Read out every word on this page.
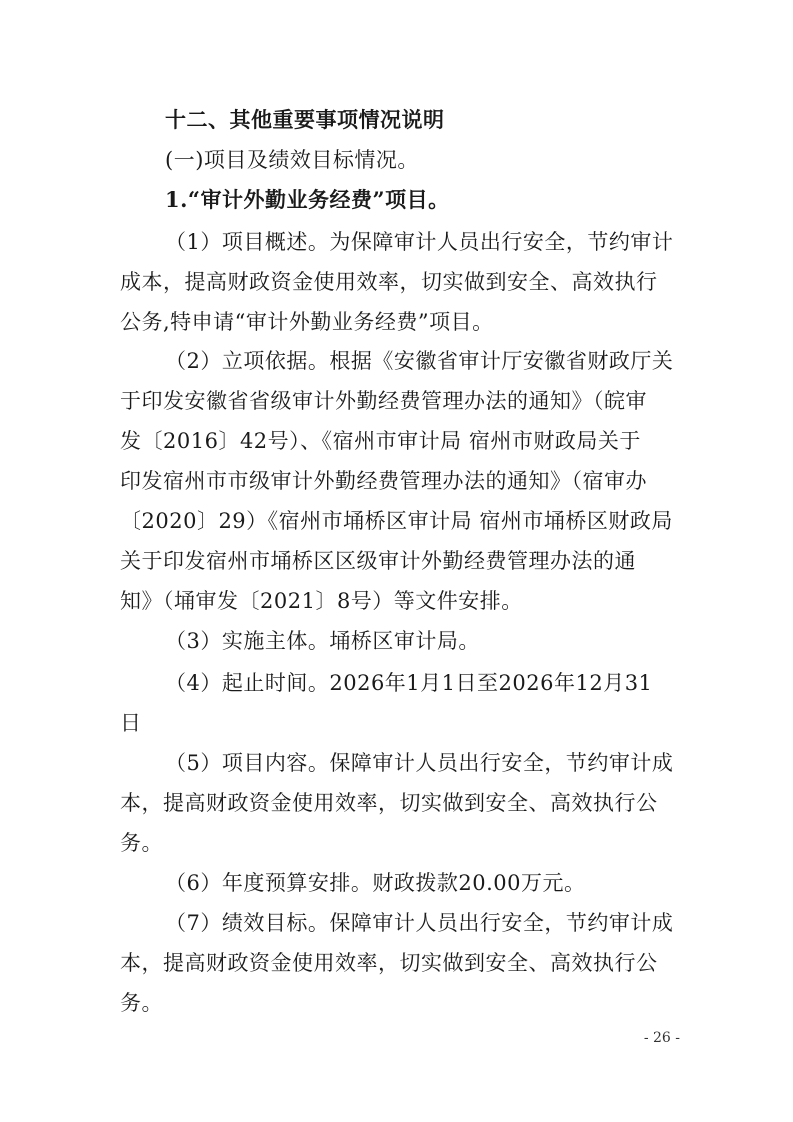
十二、其他重要事项情况说明
(一)项目及绩效目标情况。
1.“审计外勤业务经费”项目。
（1）项目概述。为保障审计人员出行安全，节约审计
成本，提高财政资金使用效率，切实做到安全、高效执行
公务,特申请“审计外勤业务经费”项目。
（2）立项依据。根据《安徽省审计厅安徽省财政厅关
于印发安徽省省级审计外勤经费管理办法的通知》（皖审
发〔2016〕42号）、《宿州市审计局 宿州市财政局关于
印发宿州市市级审计外勤经费管理办法的通知》（宿审办
〔2020〕29）《宿州市埇桥区审计局 宿州市埇桥区财政局
关于印发宿州市埇桥区区级审计外勤经费管理办法的通
知》（埇审发〔2021〕8号）等文件安排。
（3）实施主体。埇桥区审计局。
（4）起止时间。2026年1月1日至2026年12月31
日
（5）项目内容。保障审计人员出行安全，节约审计成
本，提高财政资金使用效率，切实做到安全、高效执行公
务。
（6）年度预算安排。财政拨款20.00万元。
（7）绩效目标。保障审计人员出行安全，节约审计成
本，提高财政资金使用效率，切实做到安全、高效执行公
务。
- 26 -
